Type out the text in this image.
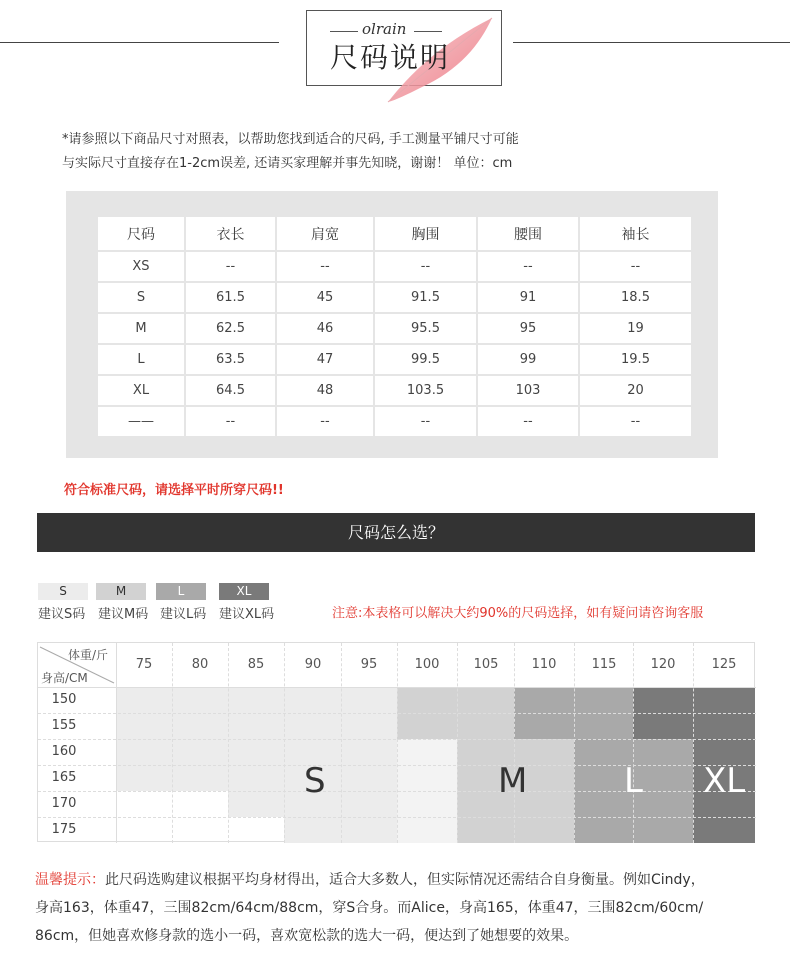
olrain
尺码说明
*请参照以下商品尺寸对照表，以帮助您找到适合的尺码, 手工测量平铺尺寸可能
与实际尺寸直接存在1-2cm误差, 还请买家理解并事先知晓，谢谢！ 单位：cm
尺码	衣长	肩宽	胸围	腰围	袖长
XS	--	--	--	--	--
S	61.5	45	91.5	91	18.5
M	62.5	46	95.5	95	19
L	63.5	47	99.5	99	19.5
XL	64.5	48	103.5	103	20
——	--	--	--	--	--
符合标准尺码，请选择平时所穿尺码!!
尺码怎么选？
S	M	L	XL
建议S码 建议M码 建议L码 建议XL码	注意:本表格可以解决大约90%的尺码选择，如有疑问请咨询客服
体重/斤
身高/CM
75	80	85	90	95	100	105	110	115	120	125
150
155
160
165
170
175
S	M	L XL
温馨提示：此尺码选购建议根据平均身材得出，适合大多数人，但实际情况还需结合自身衡量。例如Cindy，
身高163，体重47，三围82cm/64cm/88cm，穿S合身。而Alice，身高165，体重47，三围82cm/60cm/
86cm，但她喜欢修身款的选小一码，喜欢宽松款的选大一码，便达到了她想要的效果。
